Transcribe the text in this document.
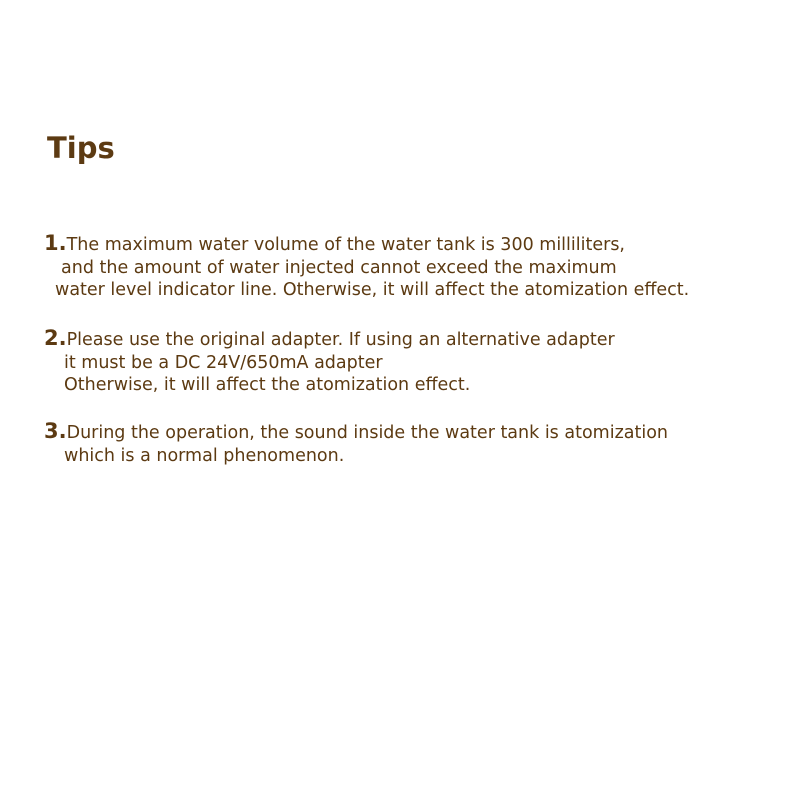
Tips
1.The maximum water volume of the water tank is 300 milliliters,
and the amount of water injected cannot exceed the maximum
water level indicator line. Otherwise, it will affect the atomization effect.
2.Please use the original adapter. If using an alternative adapter
it must be a DC 24V/650mA adapter
Otherwise, it will affect the atomization effect.
3.During the operation, the sound inside the water tank is atomization
which is a normal phenomenon.
